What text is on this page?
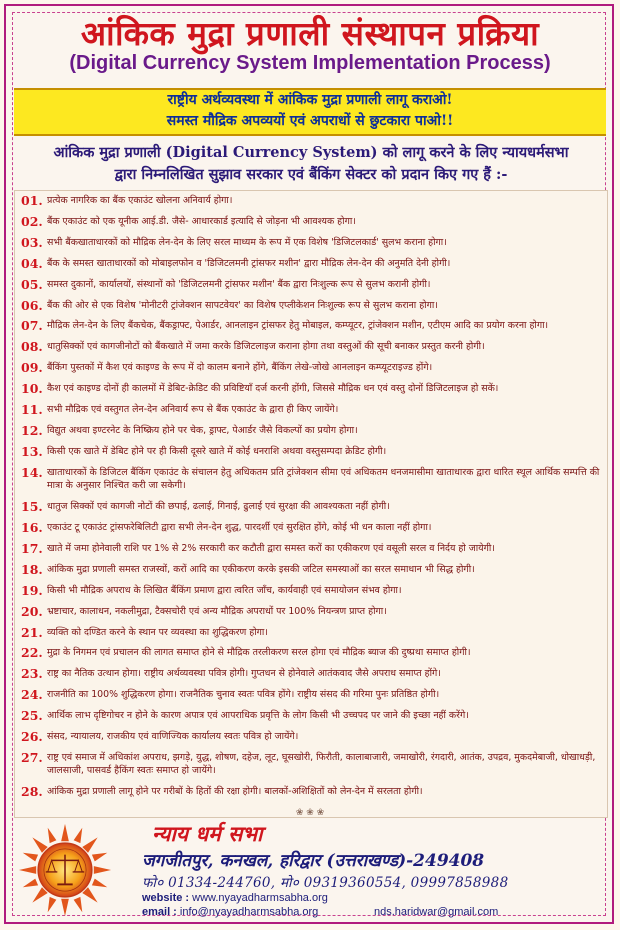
आंकिक मुद्रा प्रणाली संस्थापन प्रक्रिया
(Digital Currency System Implementation Process)
राष्ट्रीय अर्थव्यवस्था में आंकिक मुद्रा प्रणाली लागू कराओ!
समस्त मौद्रिक अपव्ययों एवं अपराधों से छुटकारा पाओ!!
आंकिक मुद्रा प्रणाली (Digital Currency System) को लागू करने के लिए न्यायधर्मसभा
द्वारा निम्नलिखित सुझाव सरकार एवं बैंकिंग सेक्टर को प्रदान किए गए हैं :-
01. प्रत्येक नागरिक का बैंक एकाउंट खोलना अनिवार्य होगा।
02. बैंक एकाउंट को एक यूनीक आई.डी. जैसे- आधारकार्ड इत्यादि से जोड़ना भी आवश्यक होगा।
03. सभी बैंकखाताधारकों को मौद्रिक लेन-देन के लिए सरल माध्यम के रूप में एक विशेष 'डिजिटलकार्ड' सुलभ कराना होगा।
04. बैंक के समस्त खाताधारकों को मोबाइलफोन व 'डिजिटलमनी ट्रांसफर मशीन' द्वारा मौद्रिक लेन-देन की अनुमति देनी होगी।
05. समस्त दुकानों, कार्यालयों, संस्थानों को 'डिजिटलमनी ट्रांसफर मशीन' बैंक द्वारा निःशुल्क रूप से सुलभ करानी होगी।
06. बैंक की ओर से एक विशेष 'मोनीटरी ट्रांजेक्शन सापटवेयर' का विशेष एप्लीकेशन निःशुल्क रूप से सुलभ कराना होगा।
07. मौद्रिक लेन-देन के लिए बैंकचेक, बैंकड्राफ्ट, पेआर्डर, आनलाइन ट्रांसफर हेतु मोबाइल, कम्प्यूटर, ट्रांजेक्शन मशीन, एटीएम आदि का प्रयोग करना होगा।
08. धातुसिक्कों एवं कागजीनोटों को बैंकखाते में जमा करके डिजिटलाइज कराना होगा तथा वस्तुओं की सूची बनाकर प्रस्तुत करनी होगी।
09. बैंकिंग पुस्तकों में कैश एवं काइण्ड के रूप में दो कालम बनाने होंगे, बैंकिंग लेखे-जोखे आनलाइन कम्प्यूटराइज्ड होंगे।
10. कैश एवं काइण्ड दोनों ही कालमों में डेबिट-क्रेडिट की प्रविष्टियाँ दर्ज करनी होंगी, जिससे मौद्रिक धन एवं वस्तु दोनों डिजिटलाइज हो सकें।
11. सभी मौद्रिक एवं वस्तुगत लेन-देन अनिवार्य रूप से बैंक एकाउंट के द्वारा ही किए जायेंगे।
12. विद्युत अथवा इण्टरनेट के निष्क्रिय होने पर चेक, ड्राफ्ट, पेआर्डर जैसे विकल्पों का प्रयोग होगा।
13. किसी एक खाते में डेबिट होने पर ही किसी दूसरे खाते में कोई धनराशि अथवा वस्तुसम्पदा क्रेडिट होगी।
14. खाताधारकों के डिजिटल बैंकिंग एकाउंट के संचालन हेतु अधिकतम प्रति ट्रांजेक्शन सीमा एवं अधिकतम धनजमासीमा खाताधारक द्वारा धारित स्थूल आर्थिक सम्पत्ति की मात्रा के अनुसार निश्चित करी जा सकेगी।
15. धातुज सिक्कों एवं कागजी नोटों की छपाई, ढलाई, गिनाई, ढुलाई एवं सुरक्षा की आवश्यकता नहीं होगी।
16. एकाउंट टू एकाउंट ट्रांसफरेबिलिटी द्वारा सभी लेन-देन शुद्ध, पारदर्शी एवं सुरक्षित होंगे, कोई भी धन काला नहीं होगा।
17. खाते में जमा होनेवाली राशि पर 1% से 2% सरकारी कर कटौती द्वारा समस्त करों का एकीकरण एवं वसूली सरल व निर्दय हो जायेगी।
18. आंकिक मुद्रा प्रणाली समस्त राजस्वों, करों आदि का एकीकरण करके इसकी जटिल समस्याओं का सरल समाधान भी सिद्ध होगी।
19. किसी भी मौद्रिक अपराध के लिखित बैंकिंग प्रमाण द्वारा त्वरित जाँच, कार्यवाही एवं समायोजन संभव होगा।
20. भ्रष्टाचार, कालाधन, नकलीमुद्रा, टैक्सचोरी एवं अन्य मौद्रिक अपराधों पर 100% नियन्त्रण प्राप्त होगा।
21. व्यक्ति को दण्डित करने के स्थान पर व्यवस्था का शुद्धिकरण होगा।
22. मुद्रा के निगमन एवं प्रचालन की लागत समाप्त होने से मौद्रिक तरलीकरण सरल होगा एवं मौद्रिक ब्याज की दुष्प्रथा समाप्त होगी।
23. राष्ट्र का नैतिक उत्थान होगा। राष्ट्रीय अर्थव्यवस्था पवित्र होगी। गुप्तधन से होनेवाले आतंकवाद जैसे अपराध समाप्त होंगे।
24. राजनीति का 100% शुद्धिकरण होगा। राजनैतिक चुनाव स्वतः पवित्र होंगे। राष्ट्रीय संसद की गरिमा पुनः प्रतिष्ठित होगी।
25. आर्थिक लाभ दृष्टिगोचर न होने के कारण अपात्र एवं आपराधिक प्रवृत्ति के लोग किसी भी उच्चपद पर जाने की इच्छा नहीं करेंगे।
26. संसद, न्यायालय, राजकीय एवं वाणिज्यिक कार्यालय स्वतः पवित्र हो जायेंगे।
27. राष्ट्र एवं समाज में अधिकांश अपराध, झगड़े, युद्ध, शोषण, दहेज, लूट, घूसखोरी, फिरौती, कालाबाजारी, जमाखोरी, रंगदारी, आतंक, उपद्रव, मुकदमेबाजी, धोखाधड़ी, जालसाजी, पासवर्ड हैकिंग स्वतः समाप्त हो जायेंगे।
28. आंकिक मुद्रा प्रणाली लागू होने पर गरीबों के हितों की रक्षा होगी। बालकों-अशिक्षितों को लेन-देन में सरलता होगी।
❀ ❀ ❀
न्याय धर्म सभा
जगजीतपुर, कनखल, हरिद्वार (उत्तराखण्ड)-249408
फो० 01334-244760, मो० 09319360554, 09997858988
website : www.nyayadharmsabha.org
email : info@nyayadharmsabha.org	nds.haridwar@gmail.com
